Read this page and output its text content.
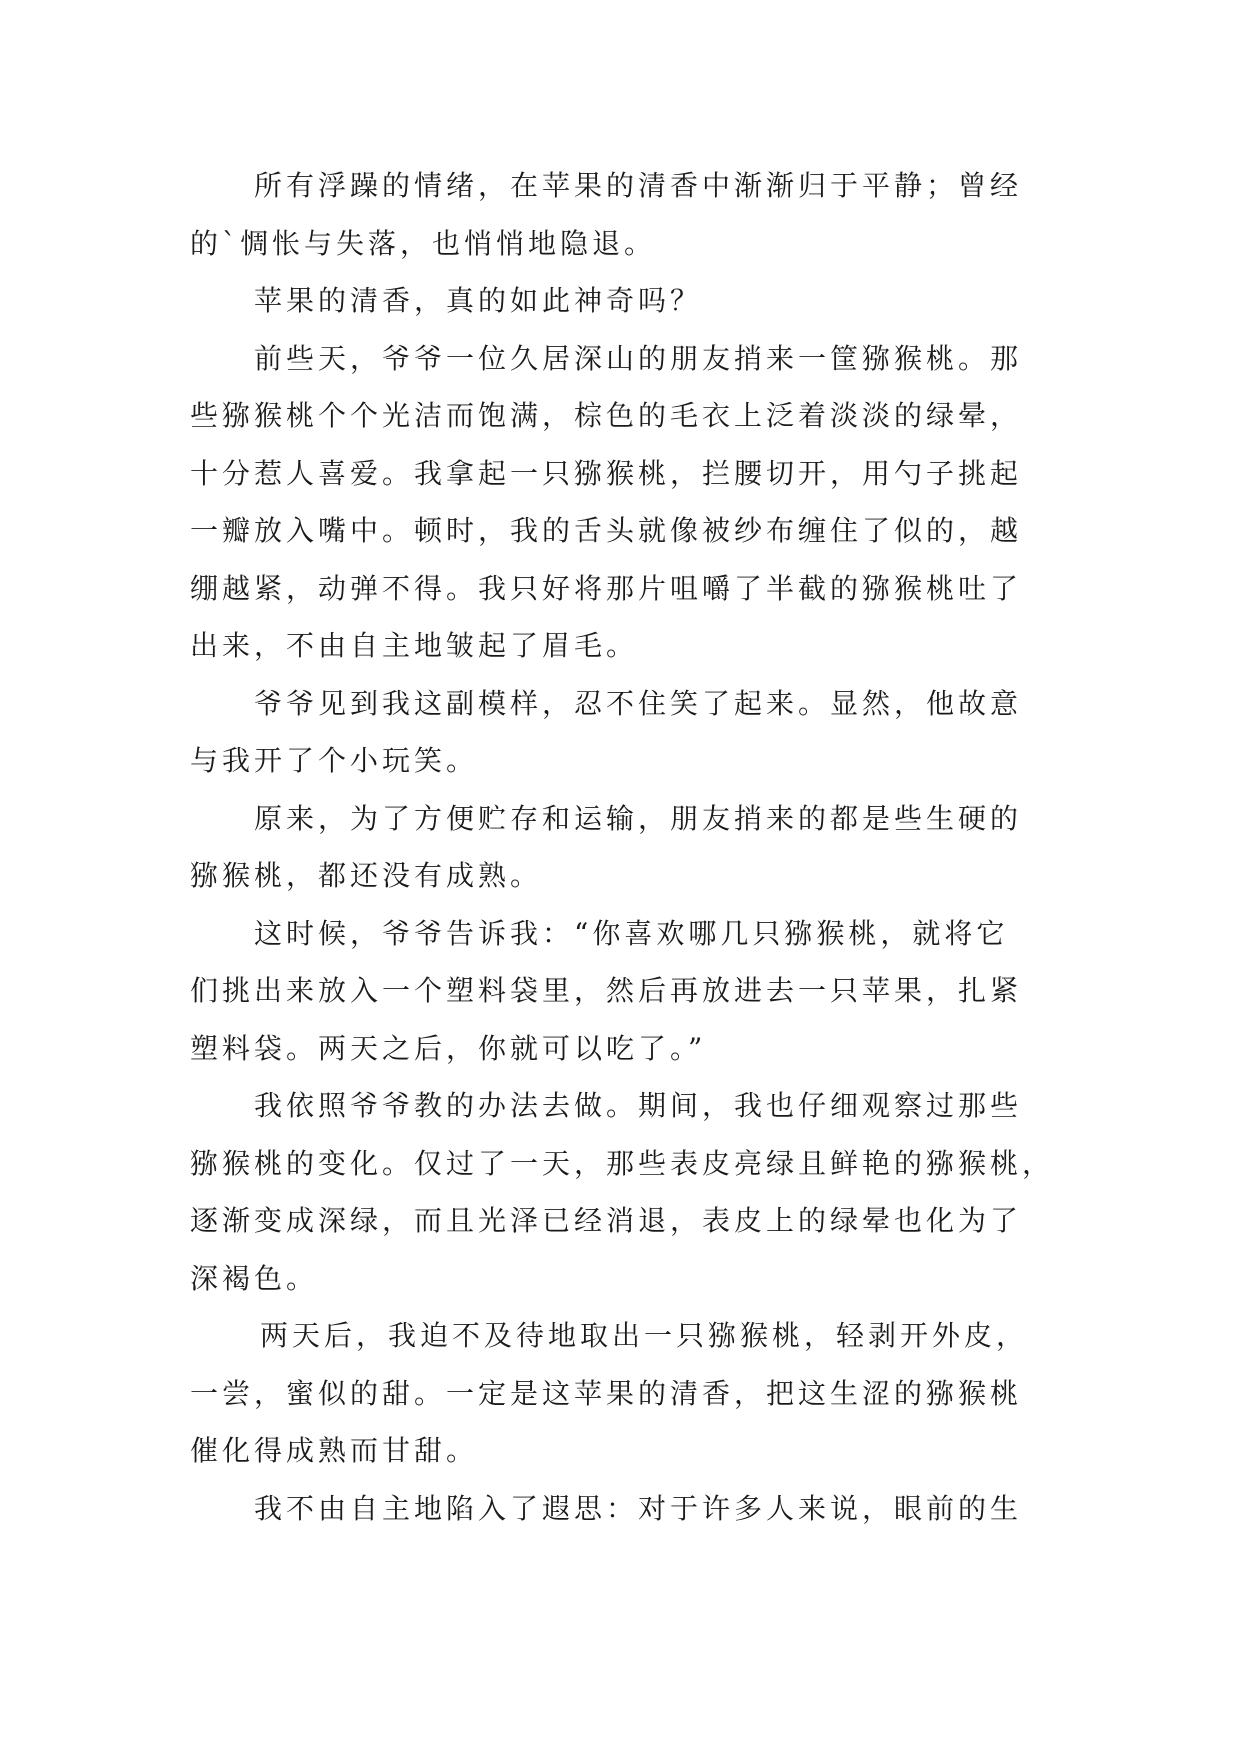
所有浮躁的情绪，在苹果的清香中渐渐归于平静；曾经
的`惆怅与失落，也悄悄地隐退。
苹果的清香，真的如此神奇吗？
前些天，爷爷一位久居深山的朋友捎来一筐猕猴桃。那
些猕猴桃个个光洁而饱满，棕色的毛衣上泛着淡淡的绿晕，
十分惹人喜爱。我拿起一只猕猴桃，拦腰切开，用勺子挑起
一瓣放入嘴中。顿时，我的舌头就像被纱布缠住了似的，越
绷越紧，动弹不得。我只好将那片咀嚼了半截的猕猴桃吐了
出来，不由自主地皱起了眉毛。
爷爷见到我这副模样，忍不住笑了起来。显然，他故意
与我开了个小玩笑。
原来，为了方便贮存和运输，朋友捎来的都是些生硬的
猕猴桃，都还没有成熟。
这时候，爷爷告诉我：“你喜欢哪几只猕猴桃，就将它
们挑出来放入一个塑料袋里，然后再放进去一只苹果，扎紧
塑料袋。两天之后，你就可以吃了。”
我依照爷爷教的办法去做。期间，我也仔细观察过那些
猕猴桃的变化。仅过了一天，那些表皮亮绿且鲜艳的猕猴桃，
逐渐变成深绿，而且光泽已经消退，表皮上的绿晕也化为了
深褐色。
两天后，我迫不及待地取出一只猕猴桃，轻剥开外皮，
一尝，蜜似的甜。一定是这苹果的清香，把这生涩的猕猴桃
催化得成熟而甘甜。
我不由自主地陷入了遐思：对于许多人来说，眼前的生
